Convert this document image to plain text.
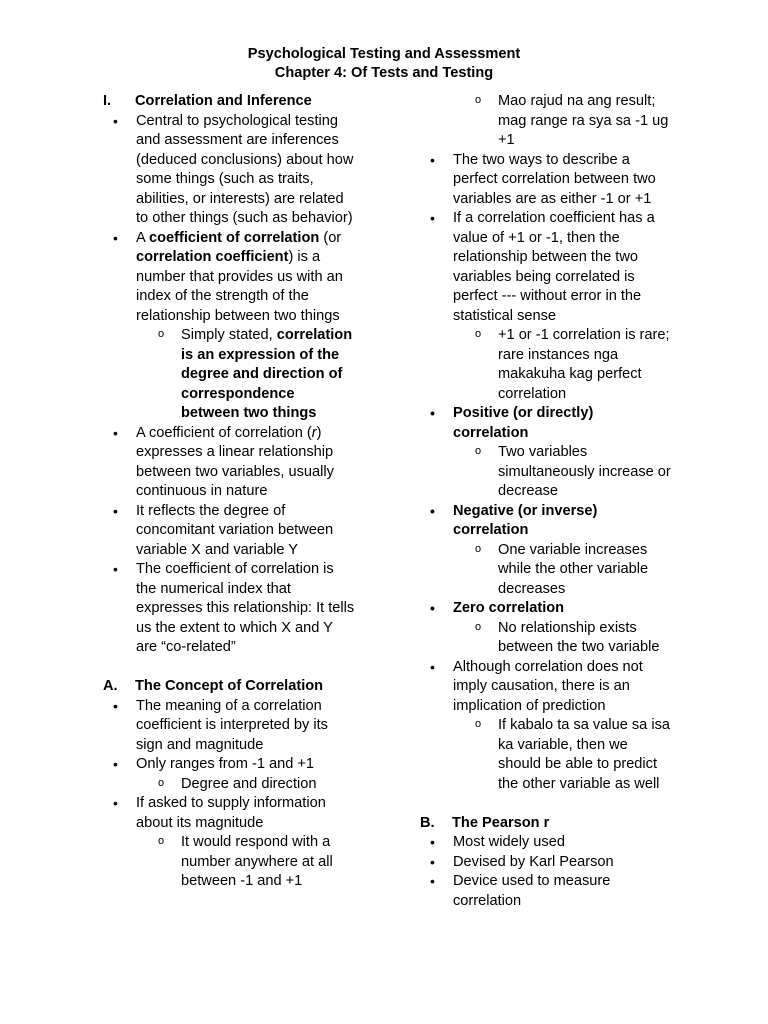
Psychological Testing and Assessment
Chapter 4: Of Tests and Testing
I.	Correlation and Inference
• Central to psychological testing
and assessment are inferences
(deduced conclusions) about how
some things (such as traits,
abilities, or interests) are related
to other things (such as behavior)
• A coefficient of correlation (or
correlation coefficient) is a
number that provides us with an
index of the strength of the
relationship between two things
o Simply stated, correlation
is an expression of the
degree and direction of
correspondence
between two things
• A coefficient of correlation (r)
expresses a linear relationship
between two variables, usually
continuous in nature
• It reflects the degree of
concomitant variation between
variable X and variable Y
• The coefficient of correlation is
the numerical index that
expresses this relationship: It tells
us the extent to which X and Y
are “co-related”
A.	The Concept of Correlation
• The meaning of a correlation
coefficient is interpreted by its
sign and magnitude
• Only ranges from -1 and +1
o Degree and direction
• If asked to supply information
about its magnitude
o It would respond with a
number anywhere at all
between -1 and +1
o Mao rajud na ang result;
mag range ra sya sa -1 ug
+1
• The two ways to describe a
perfect correlation between two
variables are as either -1 or +1
• If a correlation coefficient has a
value of +1 or -1, then the
relationship between the two
variables being correlated is
perfect --- without error in the
statistical sense
o +1 or -1 correlation is rare;
rare instances nga
makakuha kag perfect
correlation
• Positive (or directly)
correlation
o Two variables
simultaneously increase or
decrease
• Negative (or inverse)
correlation
o One variable increases
while the other variable
decreases
• Zero correlation
o No relationship exists
between the two variable
• Although correlation does not
imply causation, there is an
implication of prediction
o If kabalo ta sa value sa isa
ka variable, then we
should be able to predict
the other variable as well
B.	The Pearson r
• Most widely used
• Devised by Karl Pearson
• Device used to measure
correlation
